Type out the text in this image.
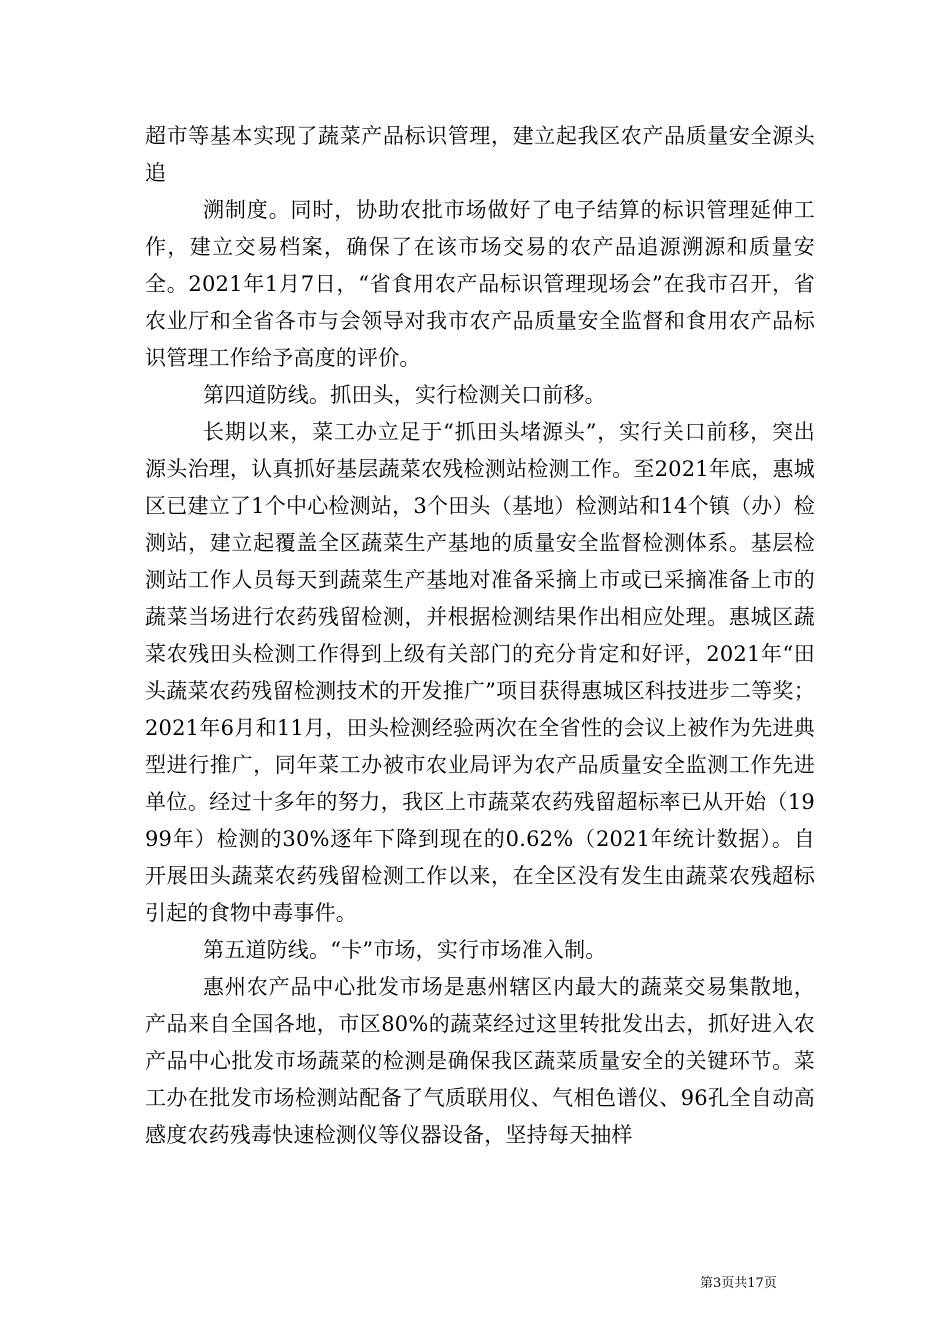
超市等基本实现了蔬菜产品标识管理，建立起我区农产品质量安全源头追

溯制度。同时，协助农批市场做好了电子结算的标识管理延伸工作，建立交易档案，确保了在该市场交易的农产品追源溯源和质量安全。2021年1月7日，“省食用农产品标识管理现场会”在我市召开，省农业厅和全省各市与会领导对我市农产品质量安全监督和食用农产品标识管理工作给予高度的评价。

第四道防线。抓田头，实行检测关口前移。

长期以来，菜工办立足于“抓田头堵源头”，实行关口前移，突出源头治理，认真抓好基层蔬菜农残检测站检测工作。至2021年底，惠城区已建立了1个中心检测站，3个田头（基地）检测站和14个镇（办）检测站，建立起覆盖全区蔬菜生产基地的质量安全监督检测体系。基层检测站工作人员每天到蔬菜生产基地对准备采摘上市或已采摘准备上市的蔬菜当场进行农药残留检测，并根据检测结果作出相应处理。惠城区蔬菜农残田头检测工作得到上级有关部门的充分肯定和好评，2021年“田头蔬菜农药残留检测技术的开发推广”项目获得惠城区科技进步二等奖；2021年6月和11月，田头检测经验两次在全省性的会议上被作为先进典型进行推广，同年菜工办被市农业局评为农产品质量安全监测工作先进单位。经过十多年的努力，我区上市蔬菜农药残留超标率已从开始（1999年）检测的30%逐年下降到现在的0.62%（2021年统计数据）。自开展田头蔬菜农药残留检测工作以来，在全区没有发生由蔬菜农残超标引起的食物中毒事件。

第五道防线。“卡”市场，实行市场准入制。

惠州农产品中心批发市场是惠州辖区内最大的蔬菜交易集散地，产品来自全国各地，市区80%的蔬菜经过这里转批发出去，抓好进入农产品中心批发市场蔬菜的检测是确保我区蔬菜质量安全的关键环节。菜工办在批发市场检测站配备了气质联用仪、气相色谱仪、96孔全自动高感度农药残毒快速检测仪等仪器设备，坚持每天抽样

第3页共17页
